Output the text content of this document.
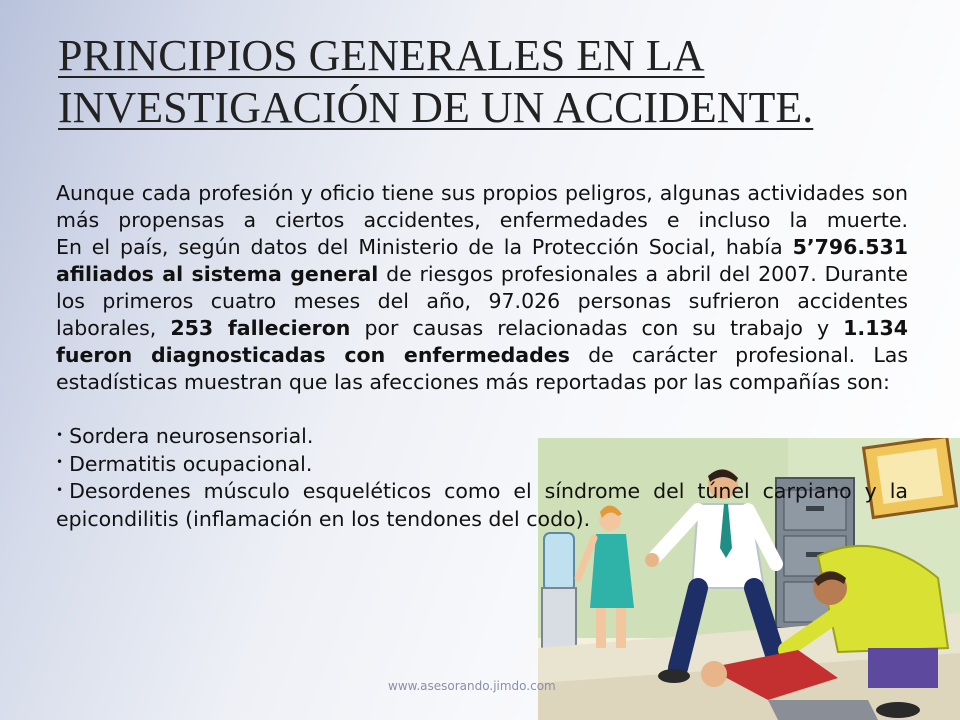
PRINCIPIOS GENERALES EN LA
INVESTIGACIÓN DE UN ACCIDENTE.

Aunque cada profesión y oficio tiene sus propios peligros, algunas actividades son más propensas a ciertos accidentes, enfermedades e incluso la muerte.

En el país, según datos del Ministerio de la Protección Social, había 5’796.531 afiliados al sistema general de riesgos profesionales a abril del 2007. Durante los primeros cuatro meses del año, 97.026 personas sufrieron accidentes laborales, 253 fallecieron por causas relacionadas con su trabajo y 1.134 fueron diagnosticadas con enfermedades de carácter profesional. Las estadísticas muestran que las afecciones más reportadas por las compañías son:

• Sordera neurosensorial.
• Dermatitis ocupacional.
• Desordenes músculo esqueléticos como el síndrome del túnel carpiano y la epicondilitis (inflamación en los tendones del codo).
www.asesorando.jimdo.com
